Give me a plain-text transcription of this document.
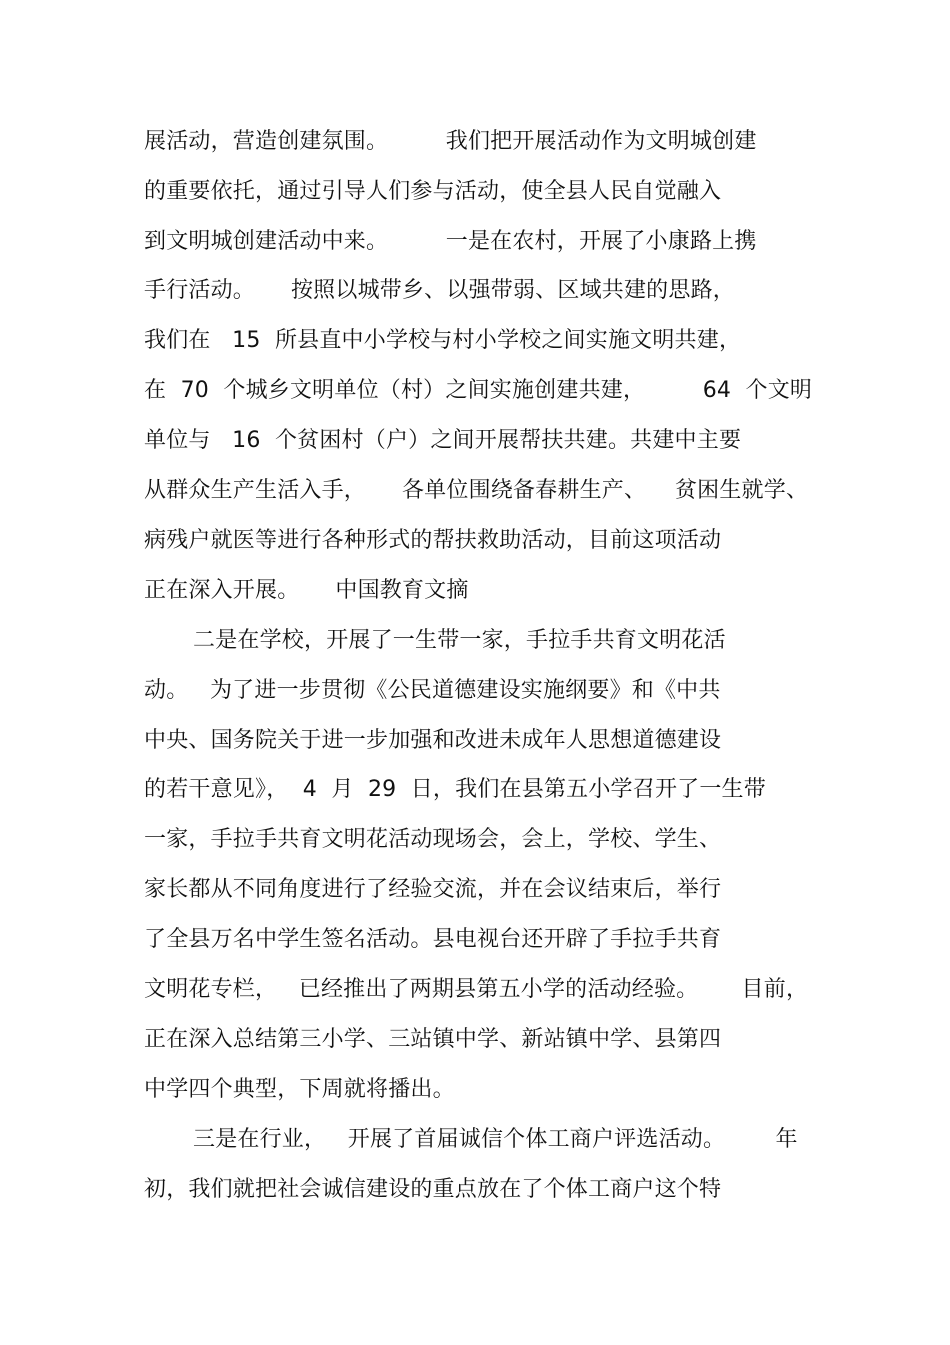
展活动，营造创建氛围。        我们把开展活动作为文明城创建
的重要依托，通过引导人们参与活动，使全县人民自觉融入
到文明城创建活动中来。        一是在农村，开展了小康路上携
手行活动。     按照以城带乡、以强带弱、区域共建的思路，
我们在   15  所县直中小学校与村小学校之间实施文明共建，
在  70  个城乡文明单位（村）之间实施创建共建，        64  个文明
单位与   16  个贫困村（户）之间开展帮扶共建。共建中主要
从群众生产生活入手，     各单位围绕备春耕生产、    贫困生就学、
病残户就医等进行各种形式的帮扶救助活动，目前这项活动
正在深入开展。     中国教育文摘
二是在学校，开展了一生带一家，手拉手共育文明花活
动。   为了进一步贯彻《公民道德建设实施纲要》和《中共
中央、国务院关于进一步加强和改进未成年人思想道德建设
的若干意见》，  4  月  29  日，我们在县第五小学召开了一生带
一家，手拉手共育文明花活动现场会，会上，学校、学生、
家长都从不同角度进行了经验交流，并在会议结束后，举行
了全县万名中学生签名活动。县电视台还开辟了手拉手共育
文明花专栏，   已经推出了两期县第五小学的活动经验。      目前，
正在深入总结第三小学、三站镇中学、新站镇中学、县第四
中学四个典型，下周就将播出。
三是在行业，   开展了首届诚信个体工商户评选活动。       年
初，我们就把社会诚信建设的重点放在了个体工商户这个特
